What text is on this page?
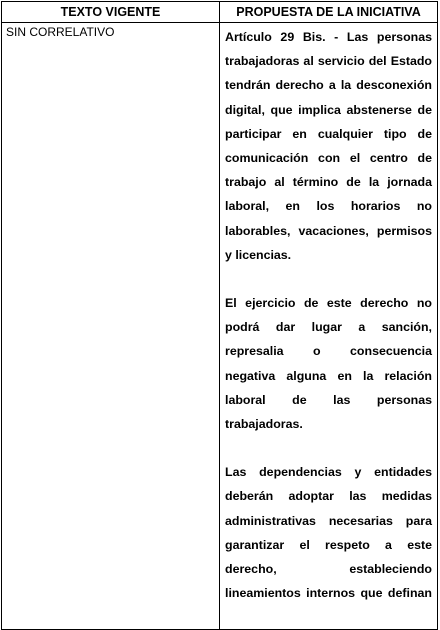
TEXTO VIGENTE	PROPUESTA DE LA INICIATIVA
SIN CORRELATIVO	Artículo 29 Bis. - Las personas trabajadoras al servicio del Estado tendrán derecho a la desconexión digital, que implica abstenerse de participar en cualquier tipo de comunicación con el centro de trabajo al término de la jornada laboral, en los horarios no laborables, vacaciones, permisos y licencias.

El ejercicio de este derecho no podrá dar lugar a sanción, represalia o consecuencia negativa alguna en la relación laboral de las personas trabajadoras.

Las dependencias y entidades deberán adoptar las medidas administrativas necesarias para garantizar el respeto a este derecho, estableciendo lineamientos internos que definan
